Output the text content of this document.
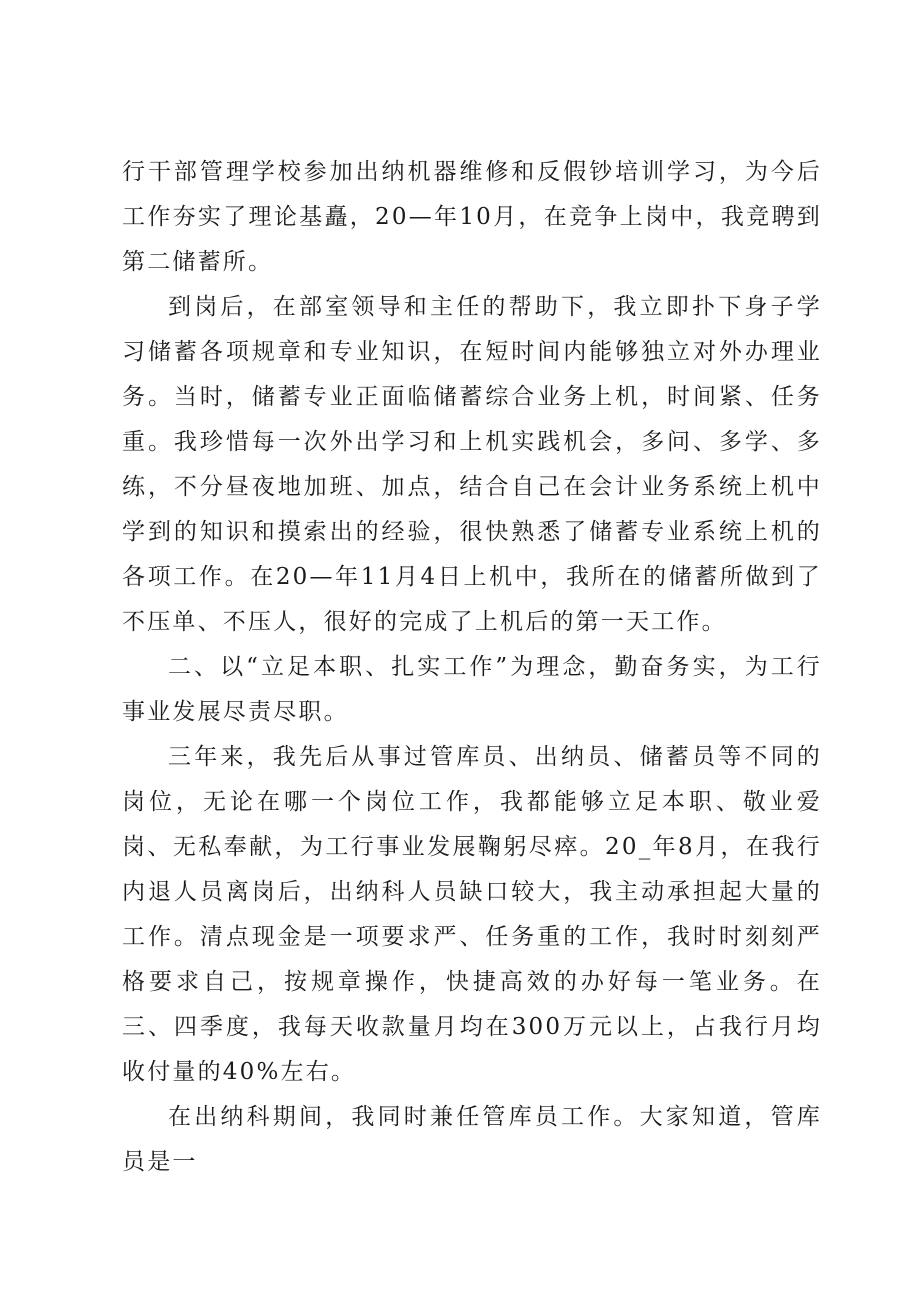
行干部管理学校参加出纳机器维修和反假钞培训学习，为今后工作夯实了理论基矗，20—年10月，在竞争上岗中，我竞聘到第二储蓄所。

到岗后，在部室领导和主任的帮助下，我立即扑下身子学习储蓄各项规章和专业知识，在短时间内能够独立对外办理业务。当时，储蓄专业正面临储蓄综合业务上机，时间紧、任务重。我珍惜每一次外出学习和上机实践机会，多问、多学、多练，不分昼夜地加班、加点，结合自己在会计业务系统上机中学到的知识和摸索出的经验，很快熟悉了储蓄专业系统上机的各项工作。在20—年11月4日上机中，我所在的储蓄所做到了不压单、不压人，很好的完成了上机后的第一天工作。

二、以“立足本职、扎实工作”为理念，勤奋务实，为工行事业发展尽责尽职。

三年来，我先后从事过管库员、出纳员、储蓄员等不同的岗位，无论在哪一个岗位工作，我都能够立足本职、敬业爱岗、无私奉献，为工行事业发展鞠躬尽瘁。20_年8月，在我行内退人员离岗后，出纳科人员缺口较大，我主动承担起大量的工作。清点现金是一项要求严、任务重的工作，我时时刻刻严格要求自己，按规章操作，快捷高效的办好每一笔业务。在三、四季度，我每天收款量月均在300万元以上，占我行月均收付量的40%左右。

在出纳科期间，我同时兼任管库员工作。大家知道，管库员是一
